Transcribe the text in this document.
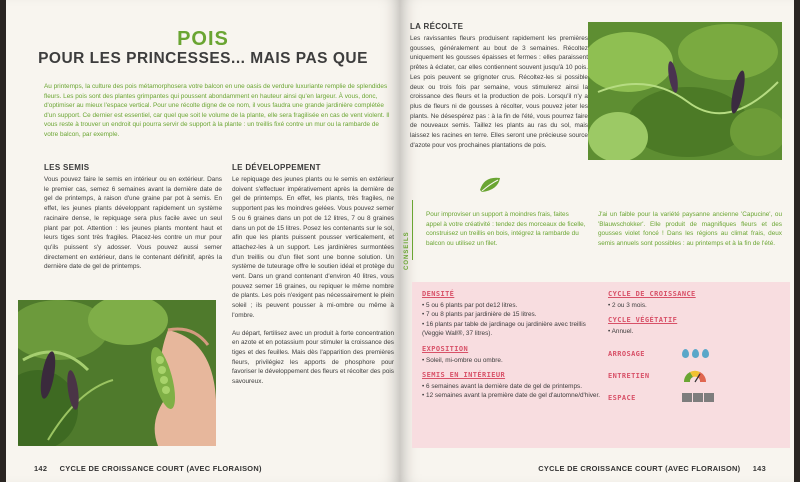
POIS
POUR LES PRINCESSES... MAIS PAS QUE
Au printemps, la culture des pois métamorphosera votre balcon en une oasis de verdure luxuriante remplie de splendides fleurs. Les pois sont des plantes grimpantes qui poussent abondamment en hauteur ainsi qu'en largeur. À vous, donc, d'optimiser au mieux l'espace vertical. Pour une récolte digne de ce nom, il vous faudra une grande jardinière complétée d'un support. Ce dernier est essentiel, car quel que soit le volume de la plante, elle sera fragilisée en cas de vent violent. Il vous reste à trouver un endroit qui pourra servir de support à la plante : un treillis fixé contre un mur ou la rambarde de votre balcon, par exemple.
LES SEMIS
Vous pouvez faire le semis en intérieur ou en extérieur. Dans le premier cas, semez 6 semaines avant la dernière date de gel de printemps, à raison d'une graine par pot à semis. En effet, les jeunes plants développant rapidement un système racinaire dense, le repiquage sera plus facile avec un seul plant par pot. Attention : les jeunes plants montent haut et leurs tiges sont très fragiles. Placez-les contre un mur pour qu'ils puissent s'y adosser. Vous pouvez aussi semer directement en extérieur, dans le contenant définitif, après la dernière date de gel de printemps.
LE DÉVELOPPEMENT
Le repiquage des jeunes plants ou le semis en extérieur doivent s'effectuer impérativement après la dernière de gel de printemps. En effet, les plants, très fragiles, ne supportent pas les moindres gelées. Vous pouvez semer 5 ou 6 graines dans un pot de 12 litres, 7 ou 8 graines dans un pot de 15 litres. Posez les contenants sur le sol, afin que les plants puissent pousser verticalement, et attachez-les à un support. Les jardinières surmontées d'un treillis ou d'un filet sont une bonne solution. Un système de tuteurage offre le soutien idéal et protège du vent. Dans un grand contenant d'environ 40 litres, vous pouvez semer 16 graines, ou repiquer le même nombre de plants. Les pois n'exigent pas nécessairement le plein soleil ; ils peuvent pousser à mi-ombre ou même à l'ombre.
Au départ, fertilisez avec un produit à forte concentration en azote et en potassium pour stimuler la croissance des tiges et des feuilles. Mais dès l'apparition des premières fleurs, privilégiez les apports de phosphore pour favoriser le développement des fleurs et récolter des pois savoureux.
142 CYCLE DE CROISSANCE COURT (AVEC FLORAISON)
LA RÉCOLTE
Les ravissantes fleurs produisent rapidement les premières gousses, généralement au bout de 3 semaines. Récoltez uniquement les gousses épaisses et fermes : elles paraissent prêtes à éclater, car elles contiennent souvent jusqu'à 10 pois. Les pois peuvent se grignoter crus. Récoltez-les si possible deux ou trois fois par semaine, vous stimulerez ainsi la croissance des fleurs et la production de pois. Lorsqu'il n'y a plus de fleurs ni de gousses à récolter, vous pouvez jeter les plants. Ne désespérez pas : à la fin de l'été, vous pourrez faire de nouveaux semis. Taillez les plants au ras du sol, mais laissez les racines en terre. Elles seront une précieuse source d'azote pour vos prochaines plantations de pois.
CONSEILS
Pour improviser un support à moindres frais, faites appel à votre créativité : tendez des morceaux de ficelle, construisez un treillis en bois, intégrez la rambarde du balcon ou utilisez un filet.
J'ai un faible pour la variété paysanne ancienne 'Capucine', ou 'Blauwschokker'. Elle produit de magnifiques fleurs et des gousses violet foncé ! Dans les régions au climat frais, deux semis annuels sont possibles : au printemps et à la fin de l'été.
DENSITÉ
• 5 ou 6 plants par pot de12 litres.
• 7 ou 8 plants par jardinière de 15 litres.
• 16 plants par table de jardinage ou jardinière avec treillis (Veggie Wall®, 37 litres).
EXPOSITION
• Soleil, mi-ombre ou ombre.
SEMIS EN INTÉRIEUR
• 6 semaines avant la dernière date de gel de printemps.
• 12 semaines avant la première date de gel d'automne/d'hiver.
CYCLE DE CROISSANCE
• 2 ou 3 mois.
CYCLE VÉGÉTATIF
• Annuel.
ARROSAGE
ENTRETIEN
ESPACE
CYCLE DE CROISSANCE COURT (AVEC FLORAISON) 143
